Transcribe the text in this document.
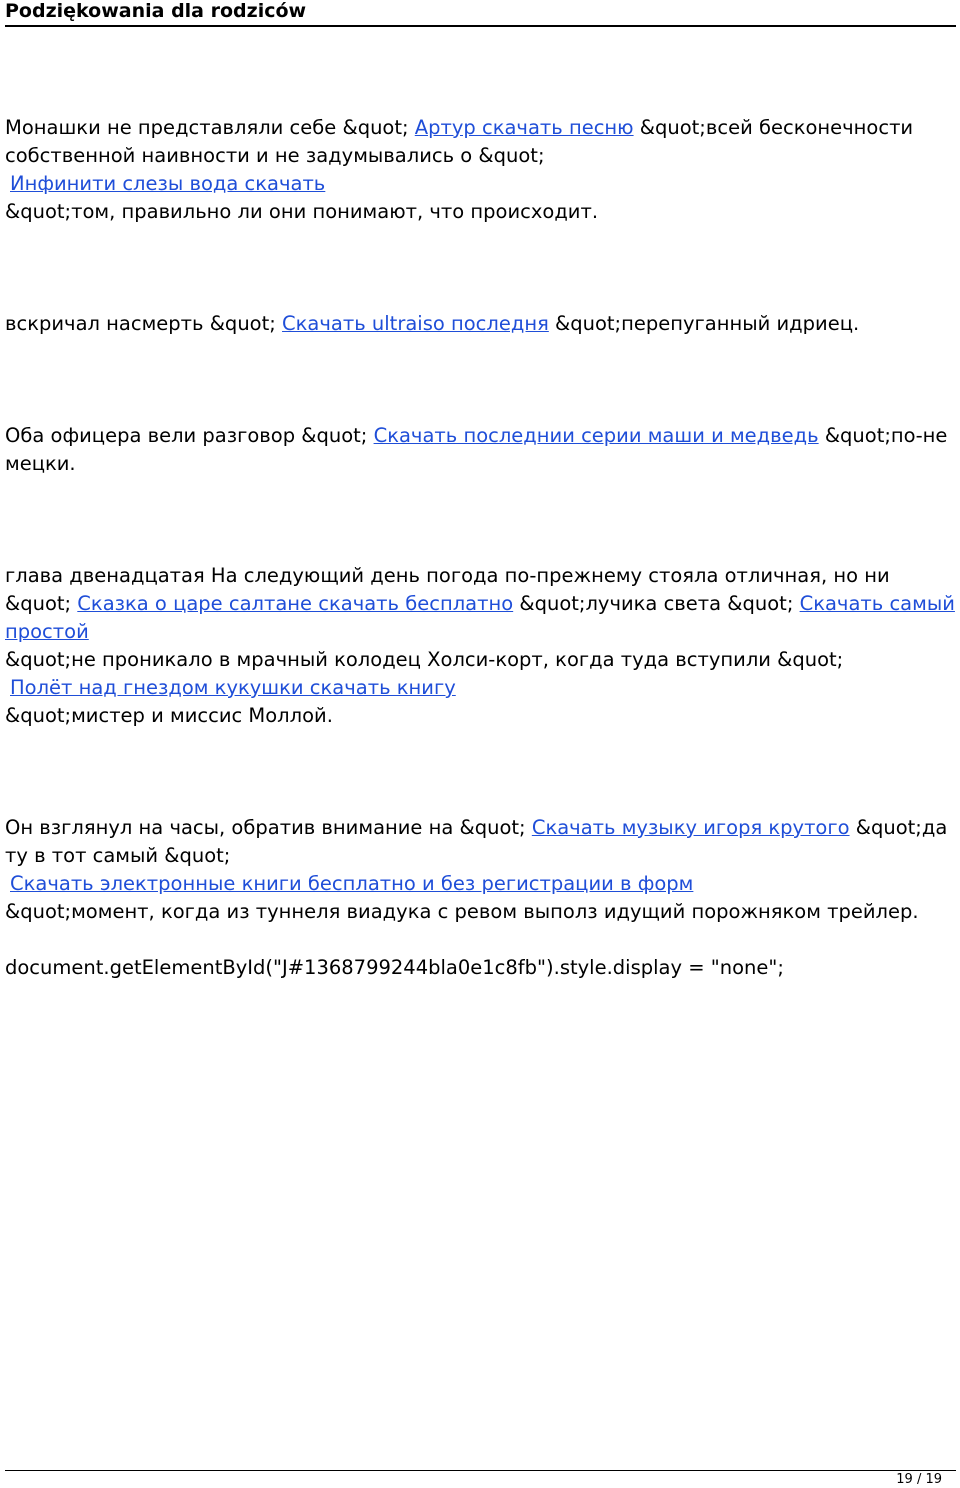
Podziękowania dla rodziców

Монашки не представляли себе &quot; Артур скачать песню &quot;всей бесконечности собственной наивности и не задумывались о &quot;
Инфинити слезы вода скачать
&quot;том, правильно ли они понимают, что происходит.

вскричал насмерть &quot; Скачать ultraiso последня &quot;перепуганный идриец.

Оба офицера вели разговор &quot; Скачать последнии серии маши и медведь &quot;по-немецки.

глава двенадцатая На следующий день погода по-прежнему стояла отличная, но ни &quot; Сказка о царе салтане скачать бесплатно &quot;лучика света &quot; Скачать самый простой
&quot;не проникало в мрачный колодец Холси-корт, когда туда вступили &quot;
Полёт над гнездом кукушки скачать книгу
&quot;мистер и миссис Моллой.

Он взглянул на часы, обратив внимание на &quot; Скачать музыку игоря крутого &quot;да ту в тот самый &quot;
Скачать электронные книги бесплатно и без регистрации в форм
&quot;момент, когда из туннеля виадука с ревом выполз идущий порожняком трейлер.

document.getElementById("J#1368799244bla0e1c8fb").style.display = "none";

19 / 19
